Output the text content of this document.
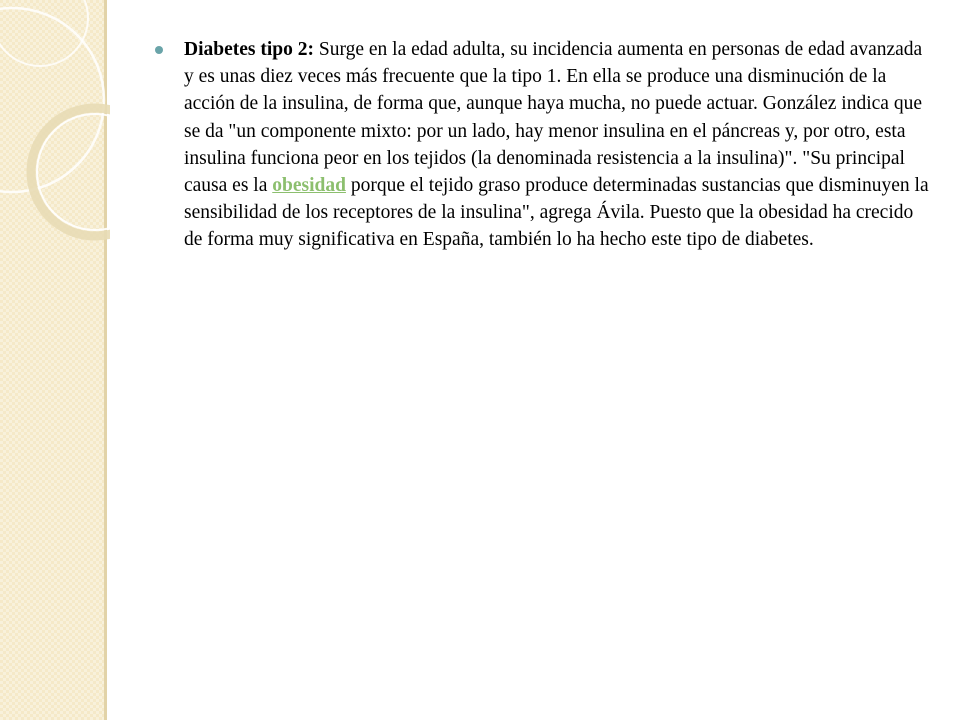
Diabetes tipo 2: Surge en la edad adulta, su incidencia aumenta en personas de edad avanzada y es unas diez veces más frecuente que la tipo 1. En ella se produce una disminución de la acción de la insulina, de forma que, aunque haya mucha, no puede actuar. González indica que se da "un componente mixto: por un lado, hay menor insulina en el páncreas y, por otro, esta insulina funciona peor en los tejidos (la denominada resistencia a la insulina)". "Su principal causa es la obesidad porque el tejido graso produce determinadas sustancias que disminuyen la sensibilidad de los receptores de la insulina", agrega Ávila. Puesto que la obesidad ha crecido de forma muy significativa en España, también lo ha hecho este tipo de diabetes.
